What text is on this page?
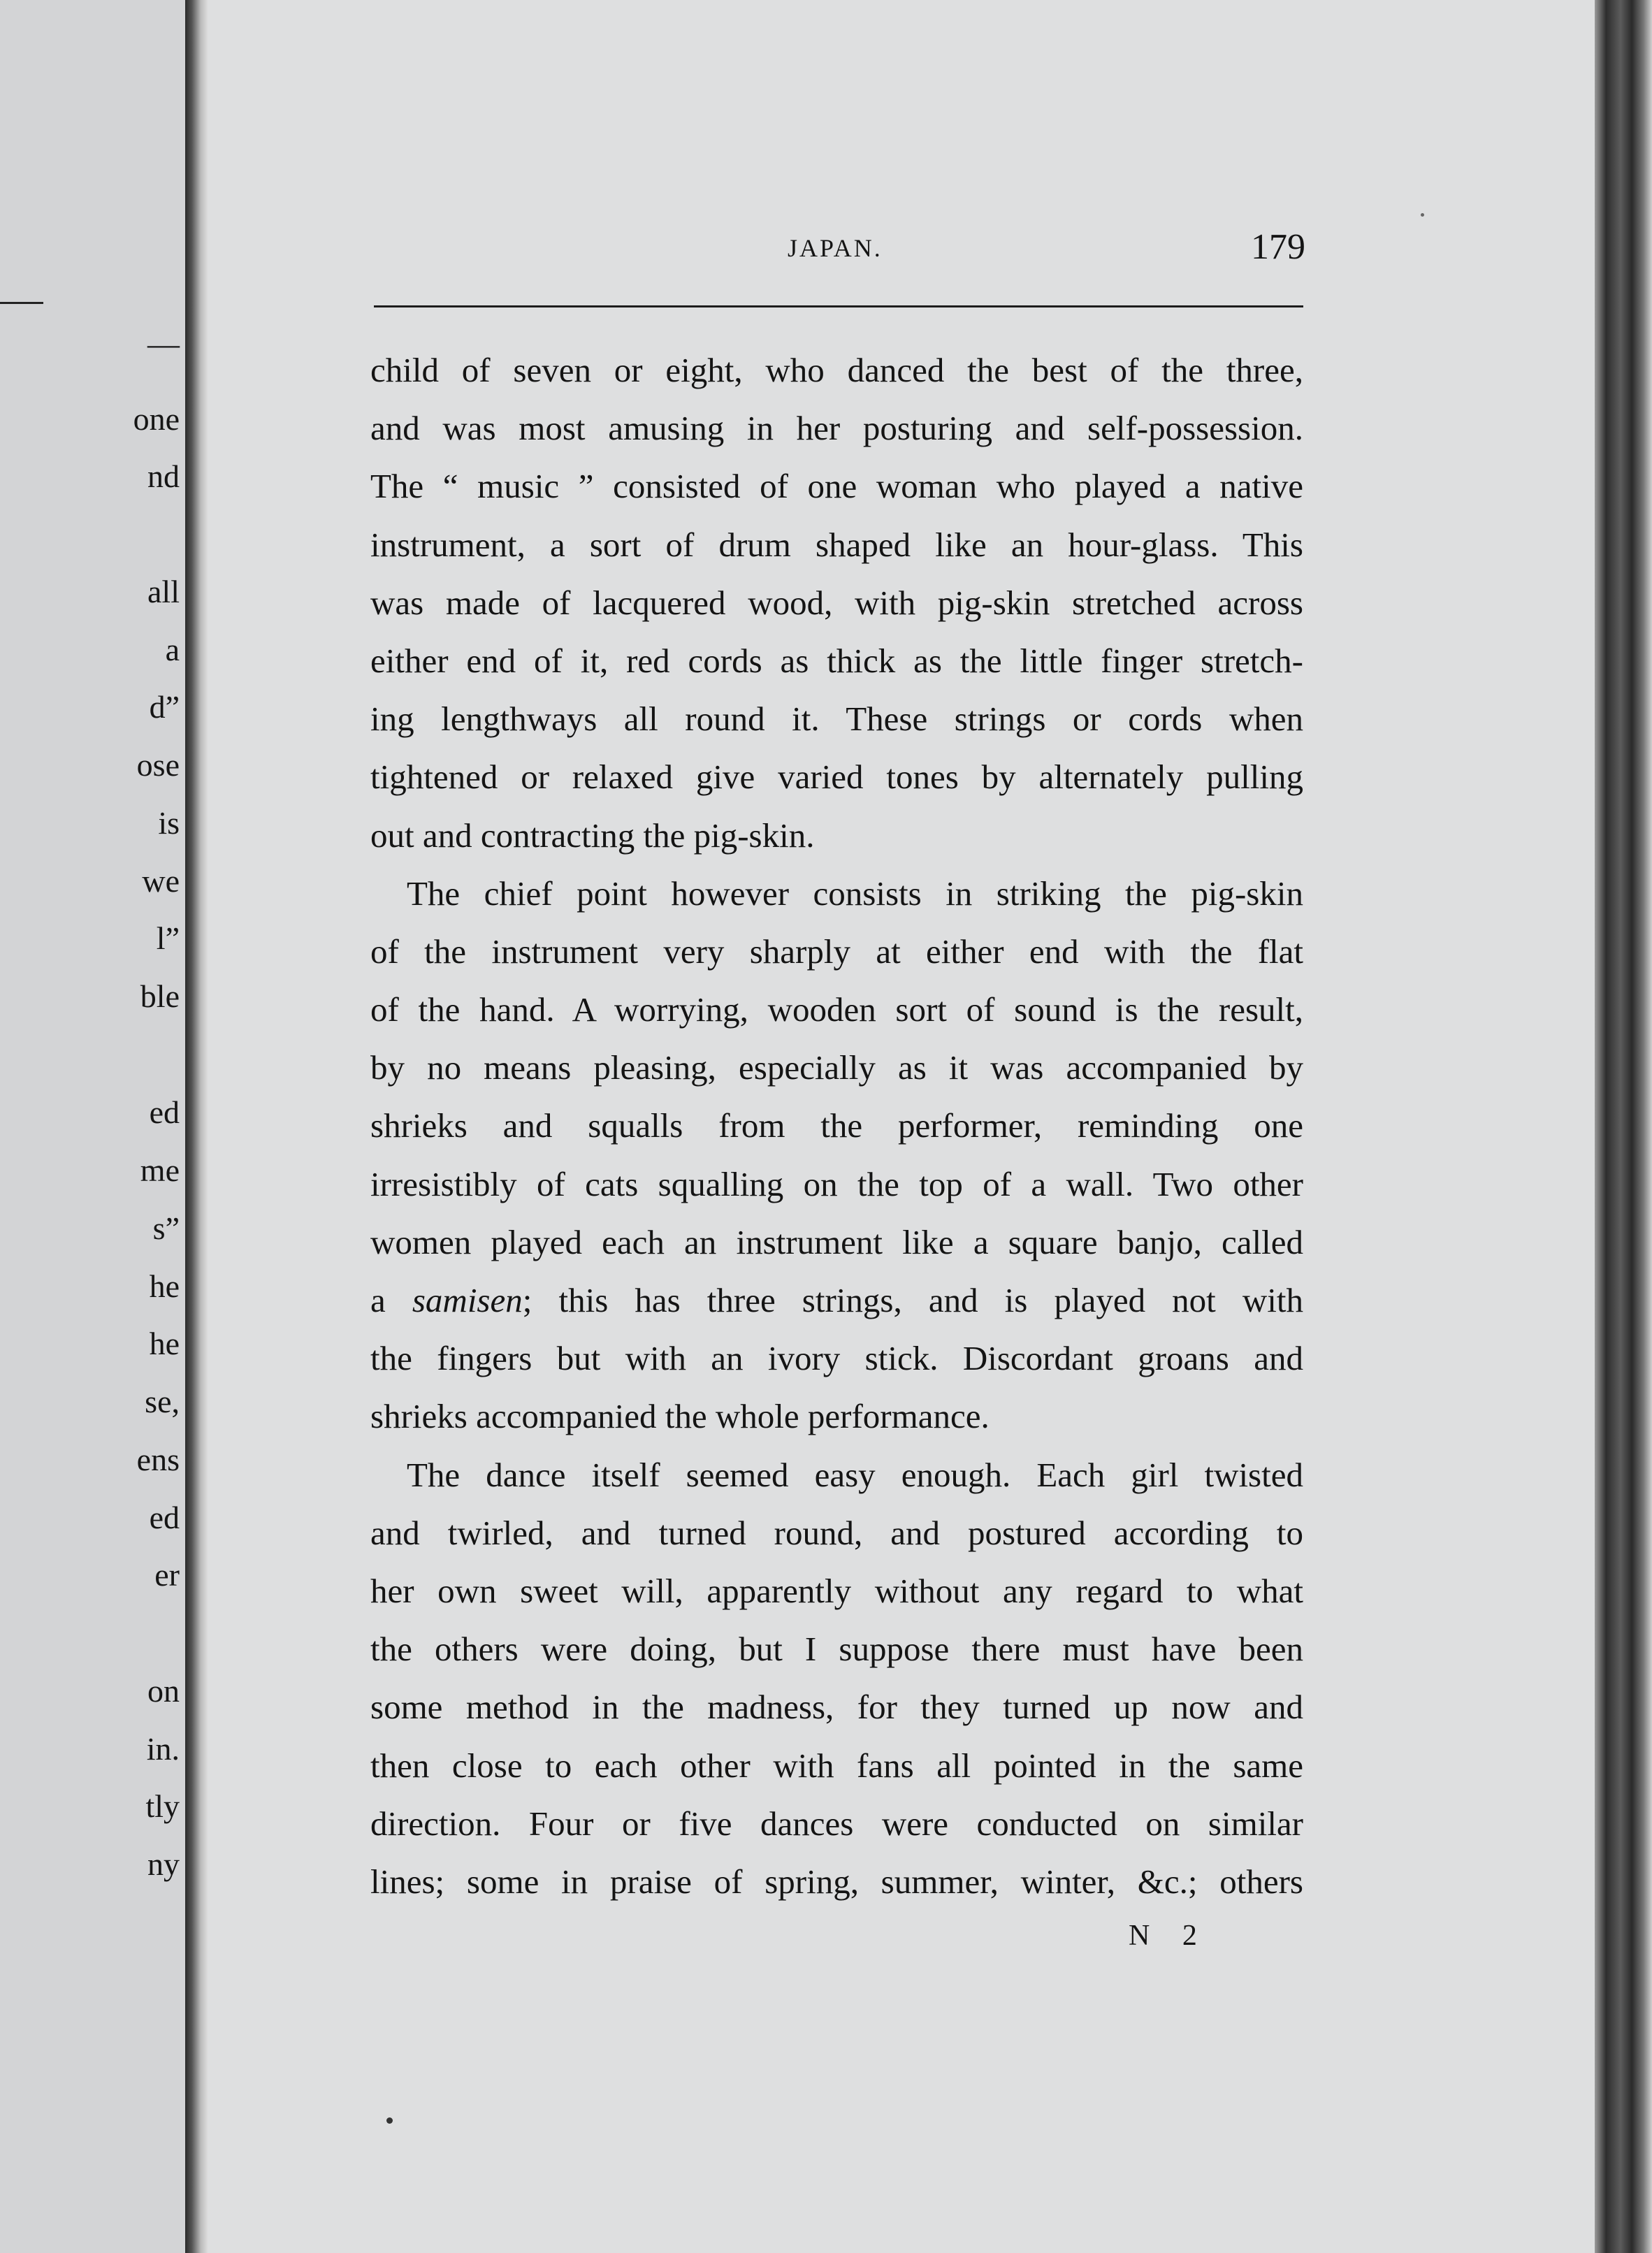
—
one
nd
all
a
d”
ose
is
we
l”
ble
ed
me
s”
he
he
se,
ens
ed
er
on
in.
tly
ny
JAPAN.	179
child of seven or eight, who danced the best of the three,
and was most amusing in her posturing and self-possession.
The “ music ” consisted of one woman who played a native
instrument, a sort of drum shaped like an hour-glass. This
was made of lacquered wood, with pig-skin stretched across
either end of it, red cords as thick as the little finger stretch-
ing lengthways all round it. These strings or cords when
tightened or relaxed give varied tones by alternately pulling
out and contracting the pig-skin.
The chief point however consists in striking the pig-skin
of the instrument very sharply at either end with the flat
of the hand. A worrying, wooden sort of sound is the result,
by no means pleasing, especially as it was accompanied by
shrieks and squalls from the performer, reminding one
irresistibly of cats squalling on the top of a wall. Two other
women played each an instrument like a square banjo, called
a samisen; this has three strings, and is played not with
the fingers but with an ivory stick. Discordant groans and
shrieks accompanied the whole performance.
The dance itself seemed easy enough. Each girl twisted
and twirled, and turned round, and postured according to
her own sweet will, apparently without any regard to what
the others were doing, but I suppose there must have been
some method in the madness, for they turned up now and
then close to each other with fans all pointed in the same
direction. Four or five dances were conducted on similar
lines; some in praise of spring, summer, winter, &c.; others
N 2
